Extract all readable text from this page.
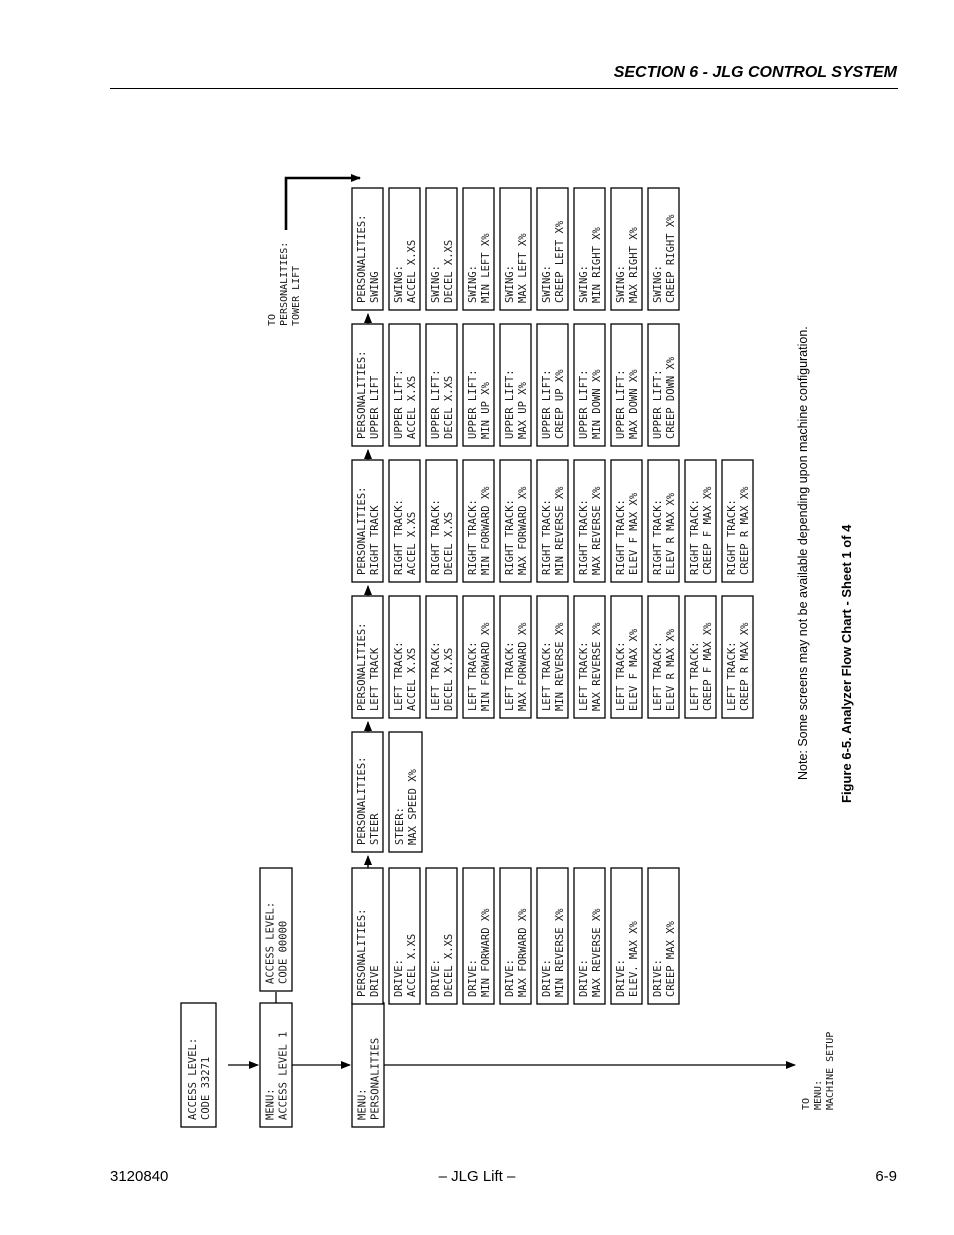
SECTION 6 - JLG CONTROL SYSTEM
ACCESS LEVEL: CODE 33271	MENU: ACCESS LEVEL 1
ACCESS LEVEL: CODE 00000
MENU: PERSONALITIES
PERSONALITIES: DRIVE DRIVE: ACCEL X.XS DRIVE: DECEL X.XS DRIVE: MIN FORWARD X% DRIVE: MAX FORWARD X% DRIVE: MIN REVERSE X% DRIVE: MAX REVERSE X% DRIVE: ELEV. MAX X% DRIVE: CREEP MAX X%
PERSONALITIES: STEER STEER: MAX SPEED X%
PERSONALITIES: LEFT TRACK LEFT TRACK: ACCEL X.XS LEFT TRACK: DECEL X.XS LEFT TRACK: MIN FORWARD X% LEFT TRACK: MAX FORWARD X% LEFT TRACK: MIN REVERSE X% LEFT TRACK: MAX REVERSE X% LEFT TRACK: ELEV F MAX X% LEFT TRACK: ELEV R MAX X% LEFT TRACK: CREEP F MAX X% LEFT TRACK: CREEP R MAX X%
PERSONALITIES: RIGHT TRACK RIGHT TRACK: ACCEL X.XS RIGHT TRACK: DECEL X.XS RIGHT TRACK: MIN FORWARD X% RIGHT TRACK: MAX FORWARD X% RIGHT TRACK: MIN REVERSE X% RIGHT TRACK: MAX REVERSE X% RIGHT TRACK: ELEV F MAX X% RIGHT TRACK: ELEV R MAX X% RIGHT TRACK: CREEP F MAX X% RIGHT TRACK: CREEP R MAX X%
PERSONALITIES: UPPER LIFT UPPER LIFT: ACCEL X.XS UPPER LIFT: DECEL X.XS UPPER LIFT: MIN UP X% UPPER LIFT: MAX UP X% UPPER LIFT: CREEP UP X% UPPER LIFT: MIN DOWN X% UPPER LIFT: MAX DOWN X% UPPER LIFT: CREEP DOWN X%
PERSONALITIES: SWING SWING: ACCEL X.XS SWING: DECEL X.XS SWING: MIN LEFT X% SWING: MAX LEFT X% SWING: CREEP LEFT X% SWING: MIN RIGHT X% SWING: MAX RIGHT X% SWING: CREEP RIGHT X%
TO MENU: MACHINE SETUP
TO PERSONALITIES: TOWER LIFT
Note: Some screens may not be available depending upon machine configuration. Figure 6-5. Analyzer Flow Chart - Sheet 1 of 4
3120840	– JLG Lift –	6-9
